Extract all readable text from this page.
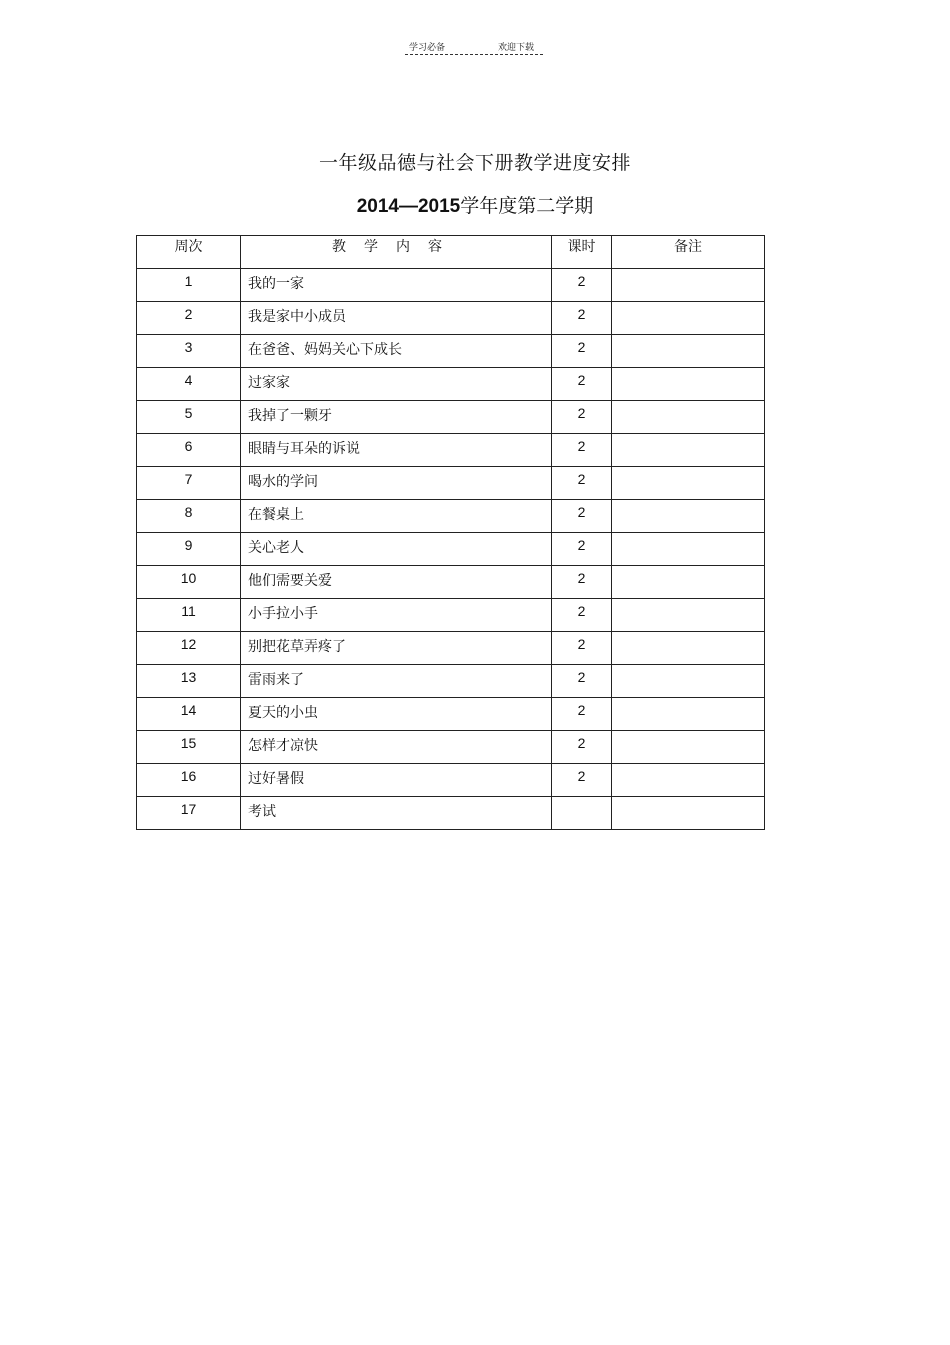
学习必备	欢迎下载
一年级品德与社会下册教学进度安排
2014—2015学年度第二学期
周次	教学内容	课时	备注

1	我的一家	2	

2	我是家中小成员	2	

3	在爸爸、妈妈关心下成长	2	

4	过家家	2	

5	我掉了一颗牙	2	

6	眼睛与耳朵的诉说	2	

7	喝水的学问	2	

8	在餐桌上	2	

9	关心老人	2	

10	他们需要关爱	2	

11	小手拉小手	2	

12	别把花草弄疼了	2	

13	雷雨来了	2	

14	夏天的小虫	2	

15	怎样才凉快	2	

16	过好暑假	2	

17	考试		
